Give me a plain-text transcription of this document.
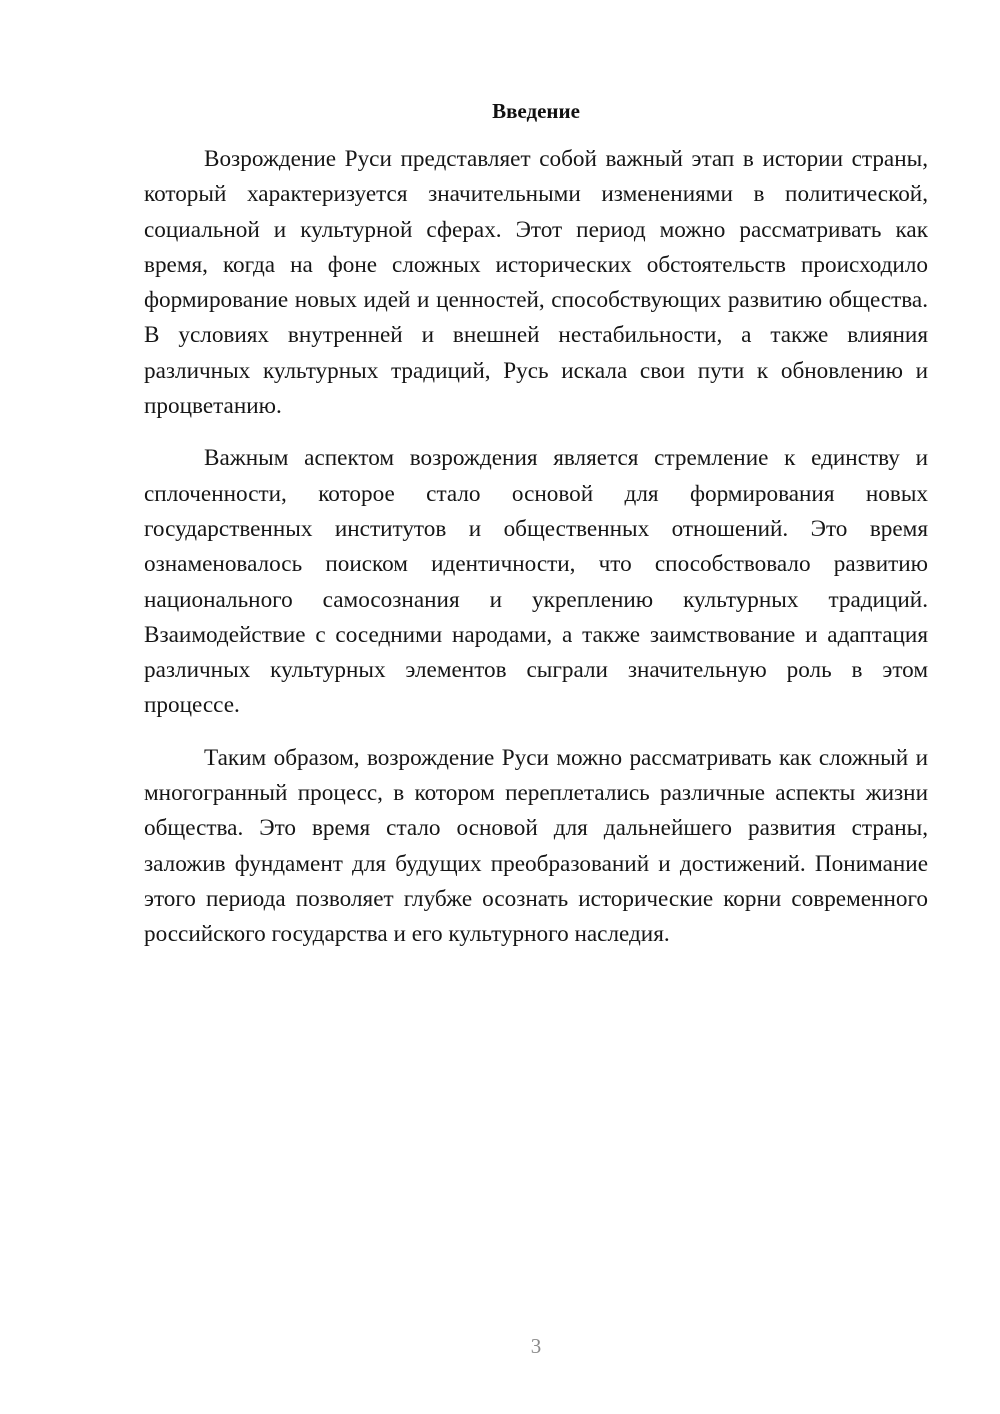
Введение

Возрождение Руси представляет собой важный этап в истории страны, который характеризуется значительными изменениями в политической, социальной и культурной сферах. Этот период можно рассматривать как время, когда на фоне сложных исторических обстоятельств происходило формирование новых идей и ценностей, способствующих развитию общества. В условиях внутренней и внешней нестабильности, а также влияния различных культурных традиций, Русь искала свои пути к обновлению и процветанию.

Важным аспектом возрождения является стремление к единству и сплоченности, которое стало основой для формирования новых государственных институтов и общественных отношений. Это время ознаменовалось поиском идентичности, что способствовало развитию национального самосознания и укреплению культурных традиций. Взаимодействие с соседними народами, а также заимствование и адаптация различных культурных элементов сыграли значительную роль в этом процессе.

Таким образом, возрождение Руси можно рассматривать как сложный и многогранный процесс, в котором переплетались различные аспекты жизни общества. Это время стало основой для дальнейшего развития страны, заложив фундамент для будущих преобразований и достижений. Понимание этого периода позволяет глубже осознать исторические корни современного российского государства и его культурного наследия.

3
